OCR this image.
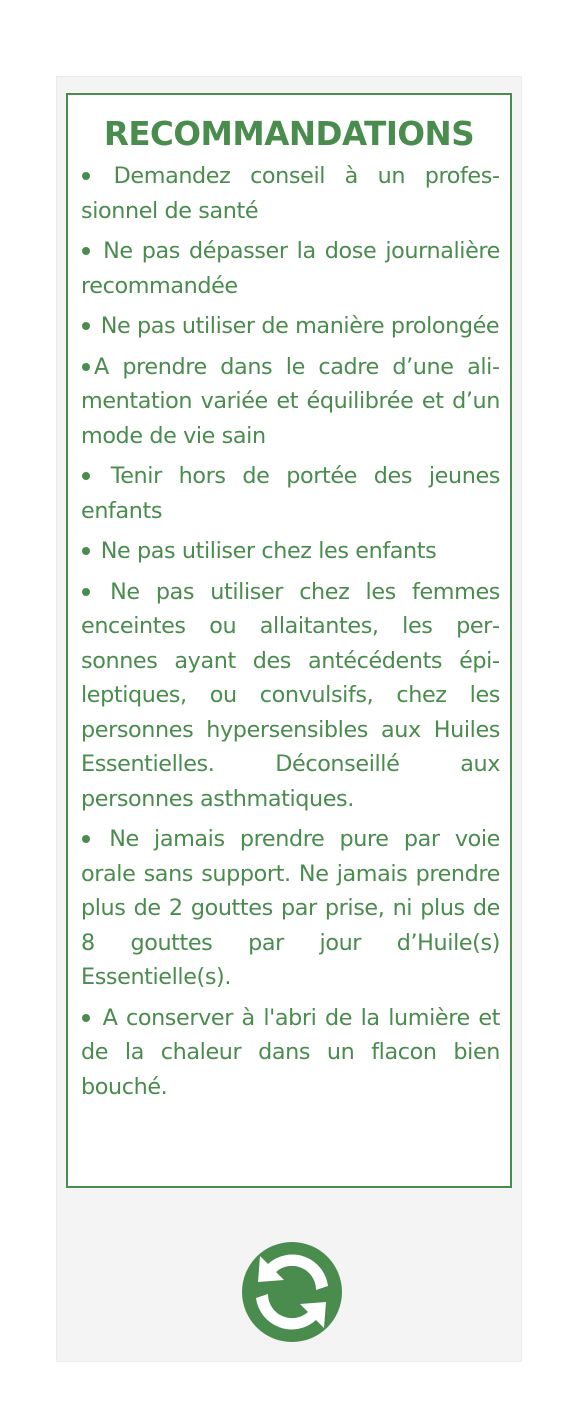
RECOMMANDATIONS
Demandez conseil à un professionnel de santé
Ne pas dépasser la dose journalière recommandée
Ne pas utiliser de manière prolongée
A prendre dans le cadre d’une alimentation variée et équilibrée et d’un mode de vie sain
Tenir hors de portée des jeunes enfants
Ne pas utiliser chez les enfants
Ne pas utiliser chez les femmes enceintes ou allaitantes, les personnes ayant des antécédents épileptiques, ou convulsifs, chez les personnes hypersensibles aux Huiles Essentielles. Déconseillé aux personnes asthmatiques.
Ne jamais prendre pure par voie orale sans support. Ne jamais prendre plus de 2 gouttes par prise, ni plus de 8 gouttes par jour d’Huile(s) Essentielle(s).
A conserver à l'abri de la lumière et de la chaleur dans un flacon bien bouché.
